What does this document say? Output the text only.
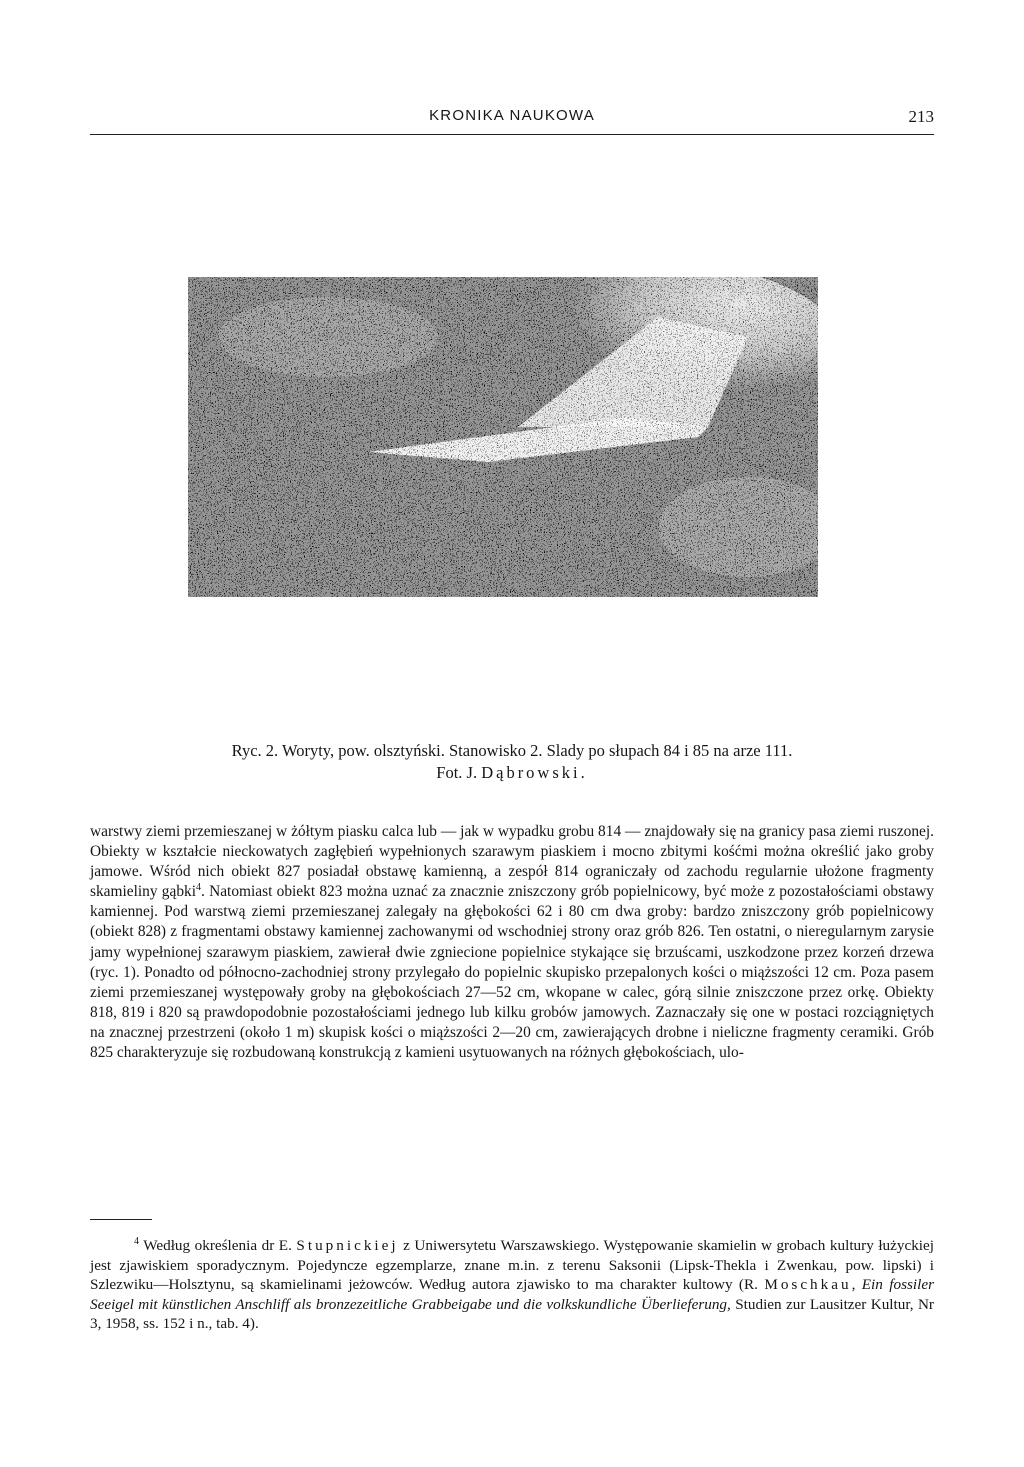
KRONIKA NAUKOWA	213
Ryc. 2. Woryty, pow. olsztyński. Stanowisko 2. Slady po słupach 84 i 85 na arze 111.
Fot. J. Dąbrowski.

warstwy ziemi przemieszanej w żółtym piasku calca lub — jak w wypadku grobu 814 — znajdowały się na granicy pasa ziemi ruszonej. Obiekty w kształcie nieckowatych zagłębień wypełnionych szarawym piaskiem i mocno zbitymi kośćmi można określić jako groby jamowe. Wśród nich obiekt 827 posiadał obstawę kamienną, a zespół 814 ograniczały od zachodu regularnie ułożone fragmenty skamieliny gąbki$^4$. Natomiast obiekt 823 można uznać za znacznie zniszczony grób popielnicowy, być może z pozostałościami obstawy kamiennej. Pod warstwą ziemi przemieszanej zalegały na głębokości 62 i 80 cm dwa groby: bardzo zniszczony grób popielnicowy (obiekt 828) z fragmentami obstawy kamiennej zachowanymi od wschodniej strony oraz grób 826. Ten ostatni, o nieregularnym zarysie jamy wypełnionej szarawym piaskiem, zawierał dwie zgniecione popielnice stykające się brzuścami, uszkodzone przez korzeń drzewa (ryc. 1). Ponadto od północno-zachodniej strony przylegało do popielnic skupisko przepalonych kości o miąższości 12 cm. Poza pasem ziemi przemieszanej występowały groby na głębokościach 27—52 cm, wkopane w calec, górą silnie zniszczone przez orkę. Obiekty 818, 819 i 820 są prawdopodobnie pozostałościami jednego lub kilku grobów jamowych. Zaznaczały się one w postaci rozciągniętych na znacznej przestrzeni (około 1 m) skupisk kości o miąższości 2—20 cm, zawierających drobne i nieliczne fragmenty ceramiki. Grób 825 charakteryzuje się rozbudowaną konstrukcją z kamieni usytuowanych na różnych głębokościach, ulo-

$^4$ Według określenia dr E. Stupnickiej z Uniwersytetu Warszawskiego. Występowanie skamielin w grobach kultury łużyckiej jest zjawiskiem sporadycznym. Pojedyncze egzemplarze, znane m.in. z terenu Saksonii (Lipsk-Thekla i Zwenkau, pow. lipski) i Szlezwiku—Holsztynu, są skamielinami jeżowców. Według autora zjawisko to ma charakter kultowy (R. Moschkau, Ein fossiler Seeigel mit künstlichen Anschliff als bronzezeitliche Grabbeigabe und die volkskundliche Überlieferung, Studien zur Lausitzer Kultur, Nr 3, 1958, ss. 152 i n., tab. 4).
